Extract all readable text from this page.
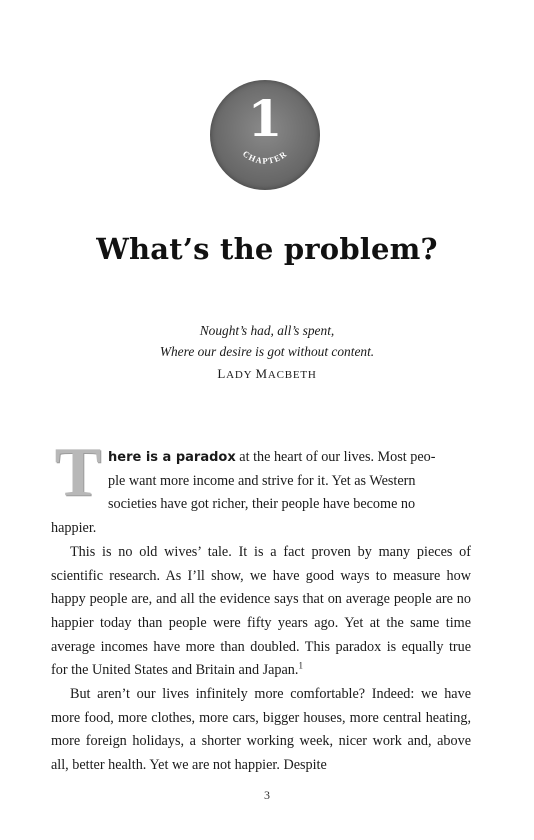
1
CHAPTER
What’s the problem?
Nought’s had, all’s spent,
Where our desire is got without content.
LADY MACBETH
T here is a paradox at the heart of our lives. Most peo-
ple want more income and strive for it. Yet as Western
societies have got richer, their people have become no

happier.

This is no old wives’ tale. It is a fact proven by many pieces of scientific research. As I’ll show, we have good ways to measure how happy people are, and all the evidence says that on average people are no happier today than people were fifty years ago. Yet at the same time average incomes have more than doubled. This paradox is equally true for the United States and Britain and Japan.$^1$

But aren’t our lives infinitely more comfortable? Indeed: we have more food, more clothes, more cars, bigger houses, more central heating, more foreign holidays, a shorter working week, nicer work and, above all, better health. Yet we are not happier. Despite

3
